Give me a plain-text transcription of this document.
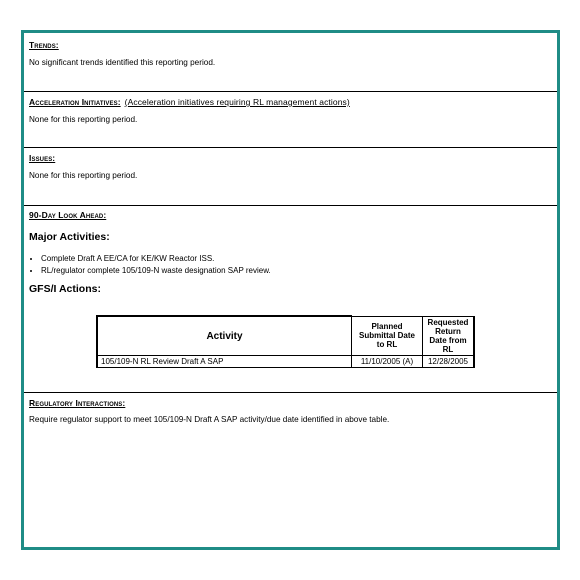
Trends:
No significant trends identified this reporting period.
Acceleration Initiatives: (Acceleration initiatives requiring RL management actions)
None for this reporting period.
Issues:
None for this reporting period.
90-Day Look Ahead:
Major Activities:
• Complete Draft A EE/CA for KE/KW Reactor ISS.
• RL/regulator complete 105/109-N waste designation SAP review.
GFS/I Actions:
Activity	Planned Submittal Date to RL	Requested Return Date from RL
105/109-N RL Review Draft A SAP	11/10/2005 (A)	12/28/2005
Regulatory Interactions:
Require regulator support to meet 105/109-N Draft A SAP activity/due date identified in above table.
